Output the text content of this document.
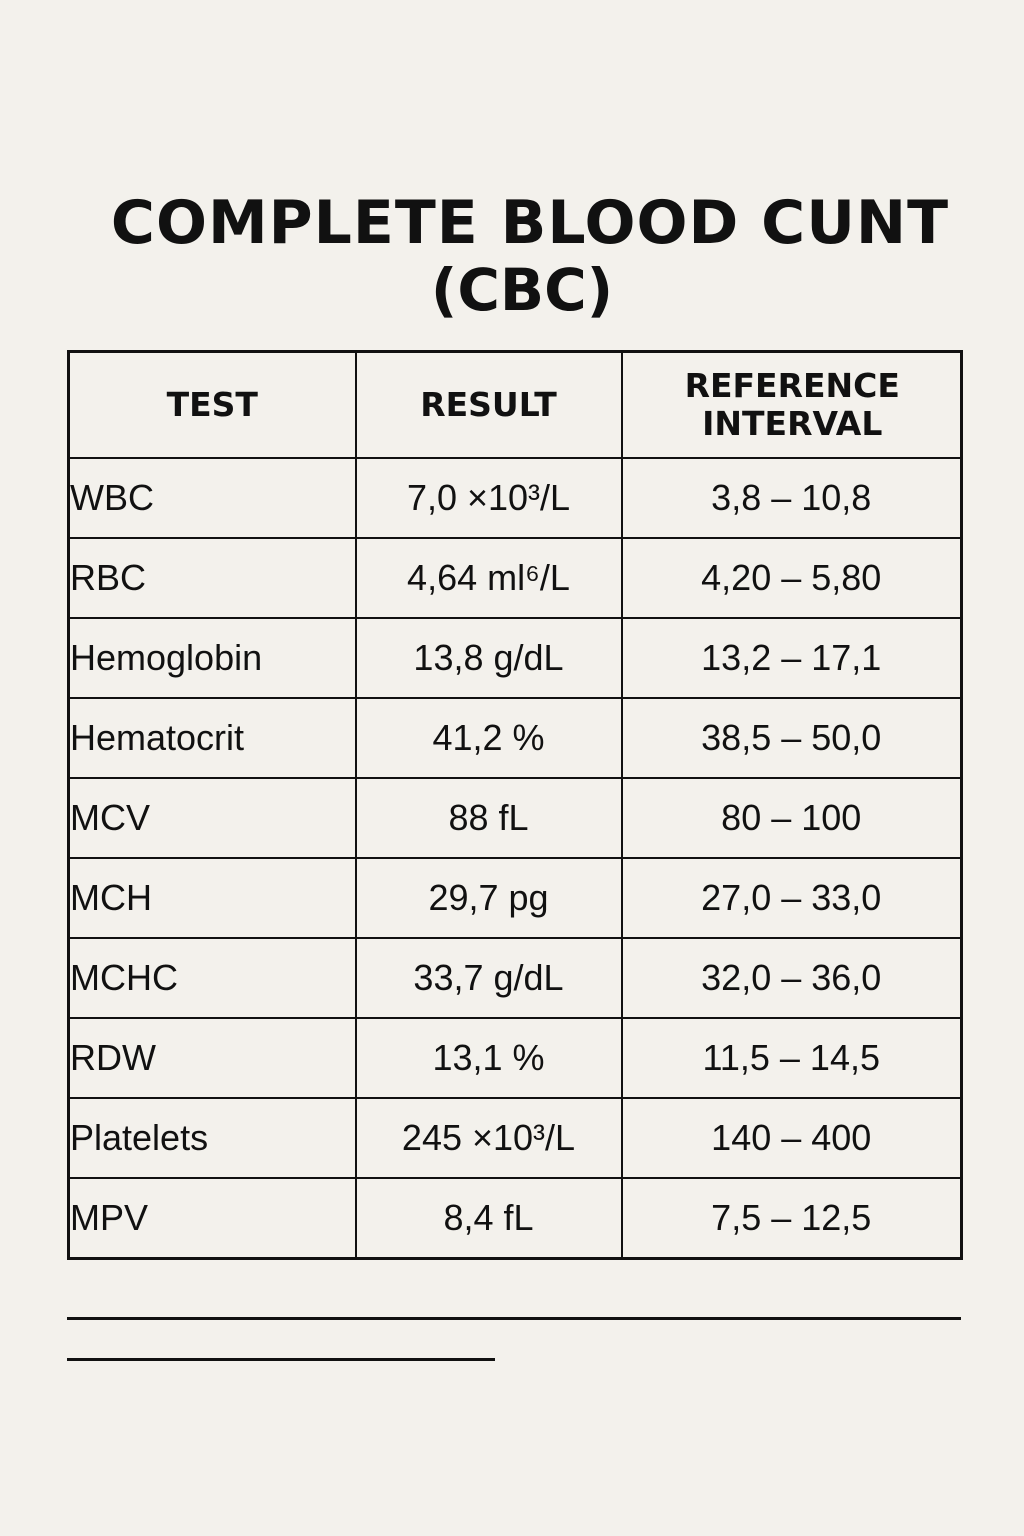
COMPLETE BLOOD CUNT
(CBC)
TEST	RESULT	REFERENCE
INTERVAL
WBC	7,0 ×10³/L	3,8 – 10,8
RBC	4,64 ml⁶/L	4,20 – 5,80
Hemoglobin	13,8 g/dL	13,2 – 17,1
Hematocrit	41,2 %	38,5 – 50,0
MCV	88 fL	80 – 100
MCH	29,7 pg	27,0 – 33,0
MCHC	33,7 g/dL	32,0 – 36,0
RDW	13,1 %	11,5 – 14,5
Platelets	245 ×10³/L	140 – 400
MPV	8,4 fL	7,5 – 12,5
